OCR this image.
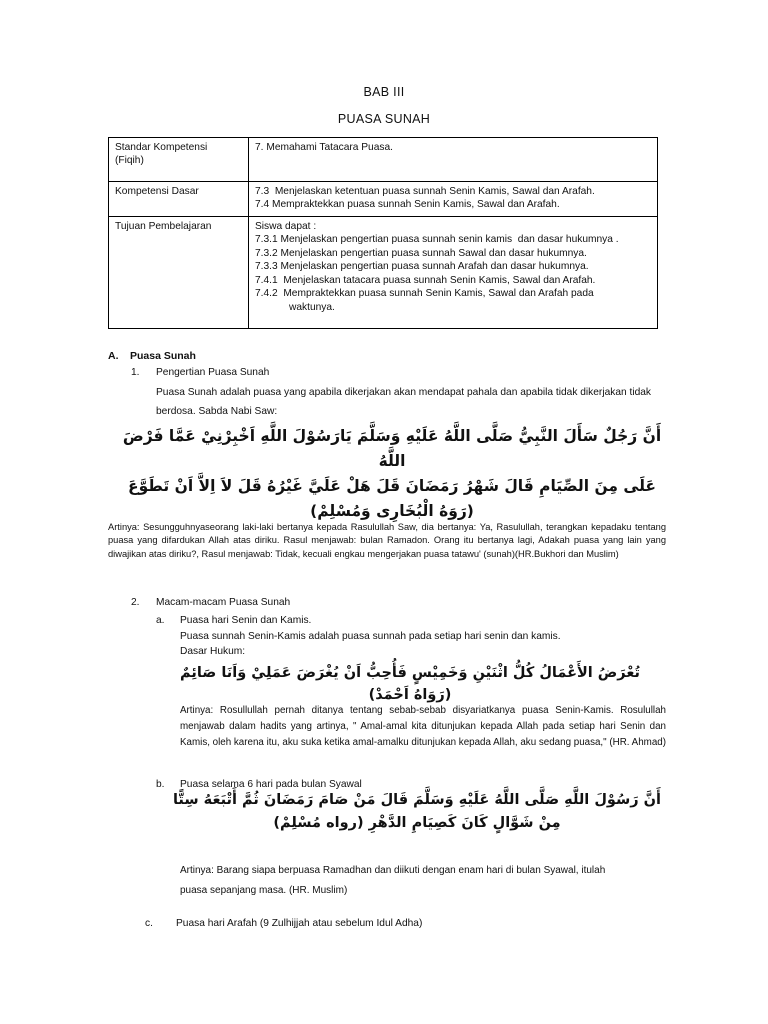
BAB III
PUASA SUNAH
Standar Kompetensi
(Fiqih)	7. Memahami Tatacara Puasa.

Kompetensi Dasar	7.3  Menjelaskan ketentuan puasa sunnah Senin Kamis, Sawal dan Arafah.
7.4 Mempraktekkan puasa sunnah Senin Kamis, Sawal dan Arafah.

Tujuan Pembelajaran	Siswa dapat :
7.3.1 Menjelaskan pengertian puasa sunnah senin kamis  dan dasar hukumnya .
7.3.2 Menjelaskan pengertian puasa sunnah Sawal dan dasar hukumnya.
7.3.3 Menjelaskan pengertian puasa sunnah Arafah dan dasar hukumnya.
7.4.1  Menjelaskan tatacara puasa sunnah Senin Kamis, Sawal dan Arafah.
7.4.2  Mempraktekkan puasa sunnah Senin Kamis, Sawal dan Arafah pada
waktunya.
A. Puasa Sunah
1. Pengertian Puasa Sunah
Puasa Sunah adalah puasa yang apabila dikerjakan akan mendapat pahala dan apabila tidak dikerjakan tidak berdosa. Sabda Nabi Saw:
أَنَّ رَجُلٌ سَأَلَ النَّبِيُّ صَلَّى اللَّهُ عَلَيْهِ وَسَلَّمَ يَارَسُوْلَ اللَّهِ اَخْبِرْنِيْ عَمَّا فَرْضَ اللَّهُ
عَلَى مِنَ الصِّيَامِ قَالَ شَهْرُ رَمَضَانَ قَلَ هَلْ عَلَيَّ غَيْرُهُ قَلَ لاَ اِلاَّ اَنْ تَطَوَّعَ
(رَوَهُ الْبُخَارِى وَمُسْلِمْ)
Artinya: Sesungguhnyaseorang laki-laki bertanya kepada Rasulullah Saw, dia bertanya: Ya, Rasulullah, terangkan kepadaku tentang puasa yang difardukan Allah atas diriku. Rasul menjawab: bulan Ramadon. Orang itu bertanya lagi, Adakah puasa yang lain yang diwajikan atas diriku?, Rasul menjawab: Tidak, kecuali engkau mengerjakan puasa tatawu' (sunah)(HR.Bukhori dan Muslim)
2. Macam-macam Puasa Sunah
a. Puasa hari Senin dan Kamis.
Puasa sunnah Senin-Kamis adalah puasa sunnah pada setiap hari senin dan kamis.
Dasar Hukum:
تُعْرَضُ الأَعْمَالُ كُلُّ اثْنَيْنِ وَخَمِيْسٍ فَأُحِبُّ اَنْ يُغْرَضَ عَمَلِيْ وَاَنَا صَائِمٌ (رَوَاهُ اَحْمَدْ)
Artinya: Rosullullah pernah ditanya tentang sebab-sebab disyariatkanya puasa Senin-Kamis. Rosulullah menjawab dalam hadits yang artinya, " Amal-amal kita ditunjukan kepada Allah pada setiap hari Senin dan Kamis, oleh karena itu, aku suka ketika amal-amalku ditunjukan kepada Allah, aku sedang puasa," (HR. Ahmad)
b. Puasa selama 6 hari pada bulan Syawal
أَنَّ رَسُوْلَ اللَّهِ صَلَّى اللَّهُ عَلَيْهِ وَسَلَّمَ قَالَ مَنْ صَامَ رَمَضَانَ ثُمَّ أَتْبَعَهُ سِتًّا
مِنْ شَوَّالٍ كَانَ كَصِيَامِ الدَّهْرِ (رواه مُسْلِمْ)
Artinya: Barang siapa berpuasa Ramadhan dan diikuti dengan enam hari di bulan Syawal, itulah
puasa sepanjang masa. (HR. Muslim)
c. Puasa hari Arafah (9 Zulhijjah atau sebelum Idul Adha)
